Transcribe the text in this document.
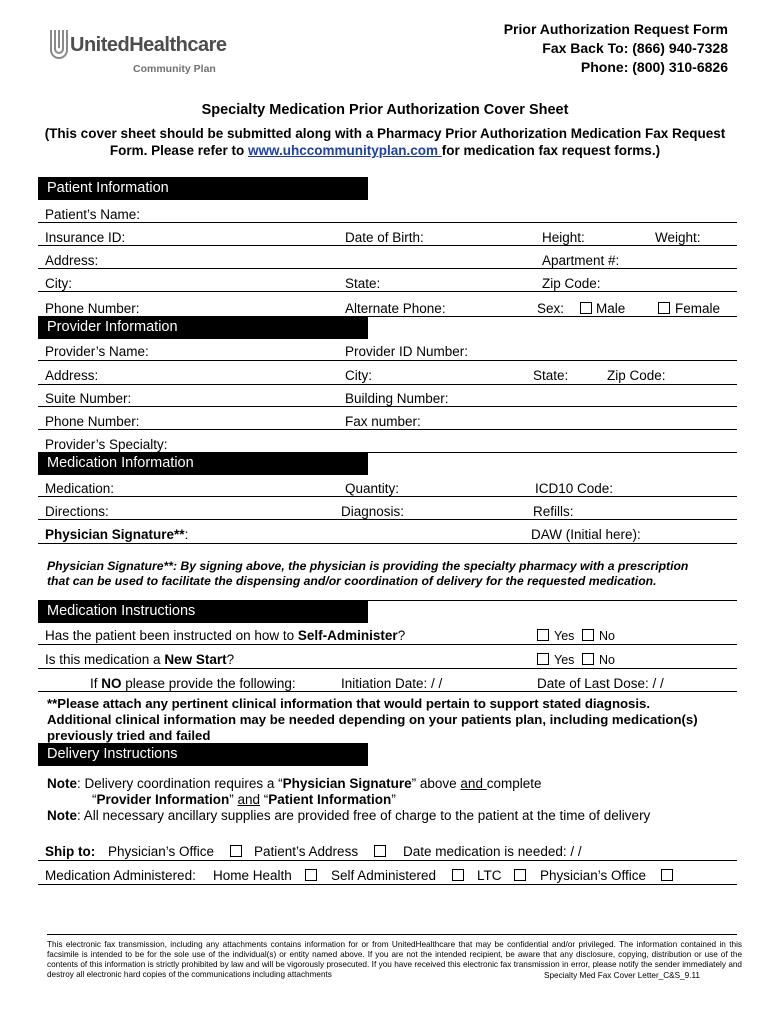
UnitedHealthcare
Community Plan
Prior Authorization Request Form
Fax Back To: (866) 940-7328
Phone: (800) 310-6826
Specialty Medication Prior Authorization Cover Sheet
(This cover sheet should be submitted along with a Pharmacy Prior Authorization Medication Fax Request
Form. Please refer to www.uhccommunityplan.com for medication fax request forms.)
Patient Information
Patient’s Name:
Insurance ID:	Date of Birth:	Height:	Weight:
Address:	Apartment #:
City:	State:	Zip Code:
Phone Number:	Alternate Phone:	Sex: Male	Female
Provider Information
Provider’s Name:	Provider ID Number:
Address:	City:	State:	Zip Code:
Suite Number:	Building Number:
Phone Number:	Fax number:
Provider’s Specialty:
Medication Information
Medication:	Quantity:	ICD10 Code:
Directions:	Diagnosis:	Refills:
Physician Signature**:	DAW (Initial here):
Physician Signature**: By signing above, the physician is providing the specialty pharmacy with a prescription
that can be used to facilitate the dispensing and/or coordination of delivery for the requested medication.
Medication Instructions
Has the patient been instructed on how to Self-Administer?	Yes No
Is this medication a New Start?	Yes No
If NO please provide the following:	Initiation Date: / /	Date of Last Dose: / /
**Please attach any pertinent clinical information that would pertain to support stated diagnosis.
Additional clinical information may be needed depending on your patients plan, including medication(s)
previously tried and failed
Delivery Instructions
Note: Delivery coordination requires a “Physician Signature” above and complete
“Provider Information” and “Patient Information”
Note: All necessary ancillary supplies are provided free of charge to the patient at the time of delivery
Ship to: Physician’s Office	Patient’s Address	Date medication is needed: / /
Medication Administered: Home Health	Self Administered	LTC	Physician’s Office
This electronic fax transmission, including any attachments contains information for or from UnitedHealthcare that may be confidential and/or privileged. The information contained in this facsimile is intended to be for the sole use of the individual(s) or entity named above. If you are not the intended recipient, be aware that any disclosure, copying, distribution or use of the contents of this information is strictly prohibited by law and will be vigorously prosecuted. If you have received this electronic fax transmission in error, please notify the sender immediately and destroy all electronic hard copies of the communications including attachments	Specialty Med Fax Cover Letter_C&S_9.11
